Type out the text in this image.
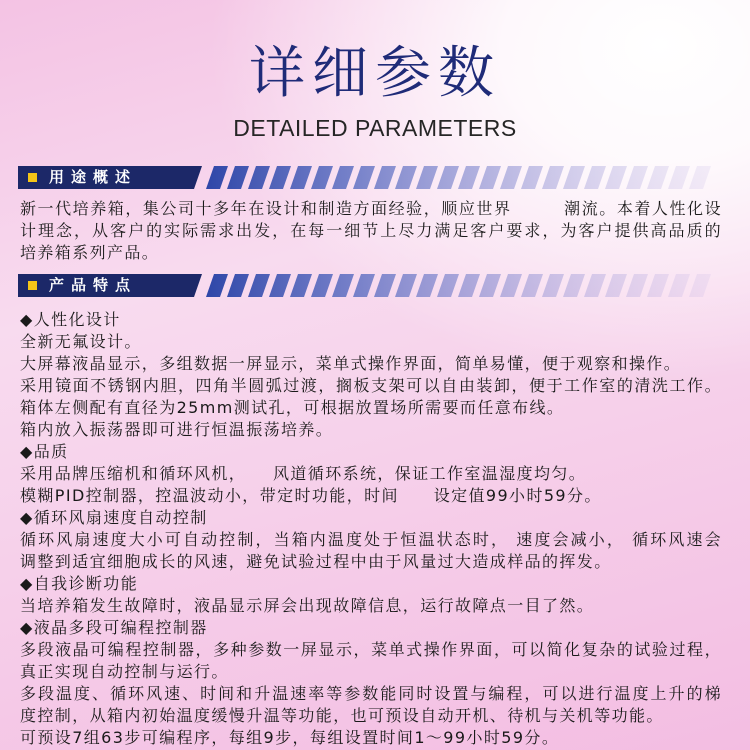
详细参数
DETAILED PARAMETERS
用途概述
新一代培养箱，集公司十多年在设计和制造方面经验，顺应世界　　　潮流。本着人性化设
计理念，从客户的实际需求出发，在每一细节上尽力满足客户要求，为客户提供高品质的
培养箱系列产品。
产品特点
◆人性化设计
全新无氟设计。
大屏幕液晶显示，多组数据一屏显示，菜单式操作界面，简单易懂，便于观察和操作。
采用镜面不锈钢内胆，四角半圆弧过渡，搁板支架可以自由装卸，便于工作室的清洗工作。
箱体左侧配有直径为25mm测试孔，可根据放置场所需要而任意布线。
箱内放入振荡器即可进行恒温振荡培养。
◆品质
采用品牌压缩机和循环风机，　　风道循环系统，保证工作室温湿度均匀。
模糊PID控制器，控温波动小，带定时功能，时间　　设定值99小时59分。
◆循环风扇速度自动控制
循环风扇速度大小可自动控制，当箱内温度处于恒温状态时， 速度会减小， 循环风速会
调整到适宜细胞成长的风速，避免试验过程中由于风量过大造成样品的挥发。
◆自我诊断功能
当培养箱发生故障时，液晶显示屏会出现故障信息，运行故障点一目了然。
◆液晶多段可编程控制器
多段液晶可编程控制器，多种参数一屏显示，菜单式操作界面，可以简化复杂的试验过程，
真正实现自动控制与运行。
多段温度、循环风速、时间和升温速率等参数能同时设置与编程，可以进行温度上升的梯
度控制，从箱内初始温度缓慢升温等功能，也可预设自动开机、待机与关机等功能。
可预设7组63步可编程序，每组9步，每组设置时间1～99小时59分。
